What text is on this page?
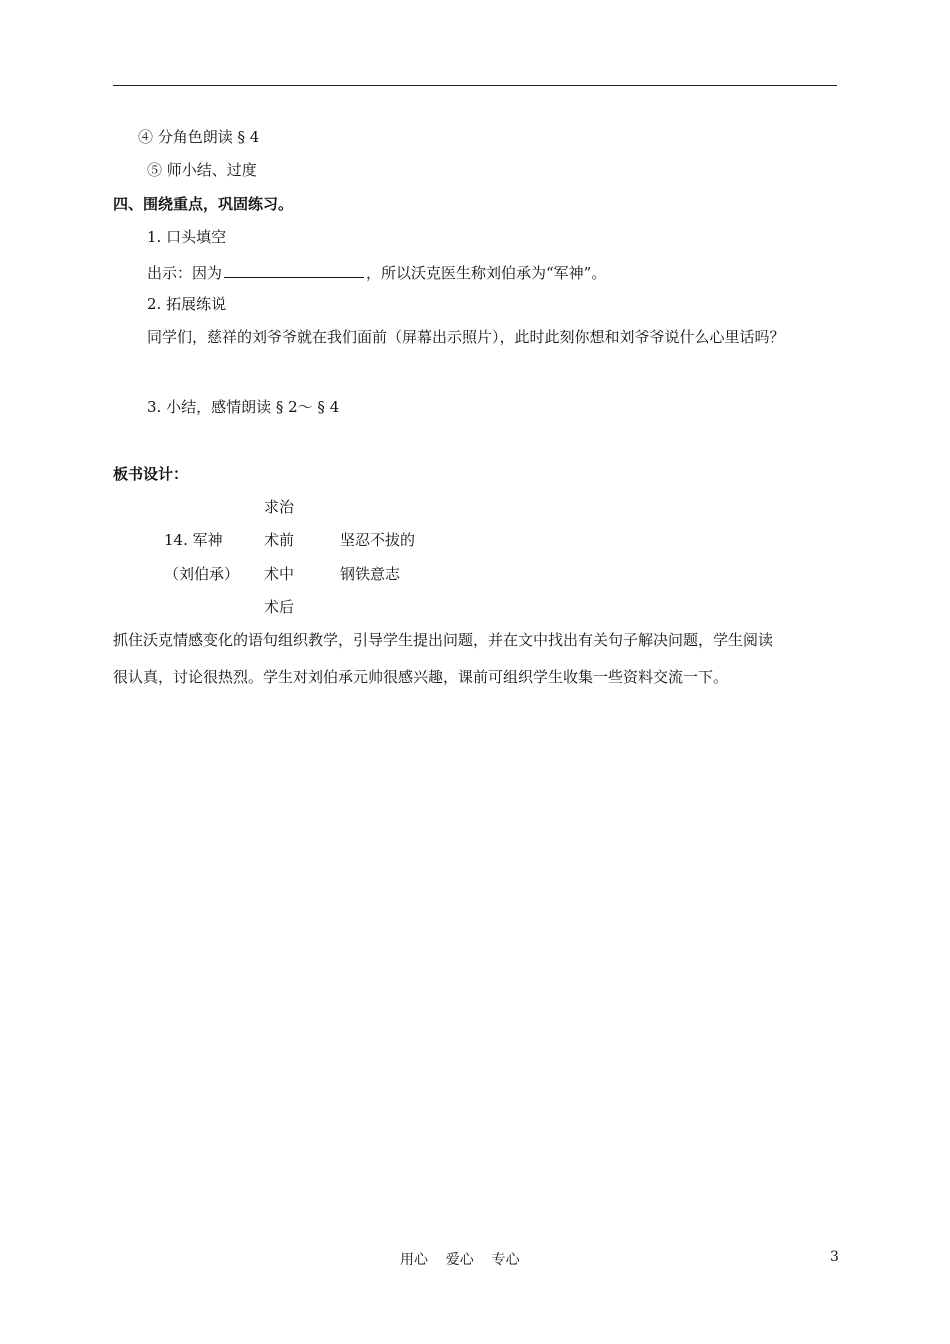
④ 分角色朗读 § 4
⑤ 师小结、过度
四、围绕重点，巩固练习。
1. 口头填空
出示：因为	，所以沃克医生称刘伯承为“军神”。
2. 拓展练说
同学们，慈祥的刘爷爷就在我们面前（屏幕出示照片），此时此刻你想和刘爷爷说什么心里话吗？
3. 小结，感情朗读 § 2～ § 4
板书设计：
求治
14. 军神	术前	坚忍不拔的
（刘伯承） 术中	钢铁意志
术后
抓住沃克情感变化的语句组织教学，引导学生提出问题，并在文中找出有关句子解决问题，学生阅读
很认真，讨论很热烈。学生对刘伯承元帅很感兴趣，课前可组织学生收集一些资料交流一下。
用心    爱心    专心	3
